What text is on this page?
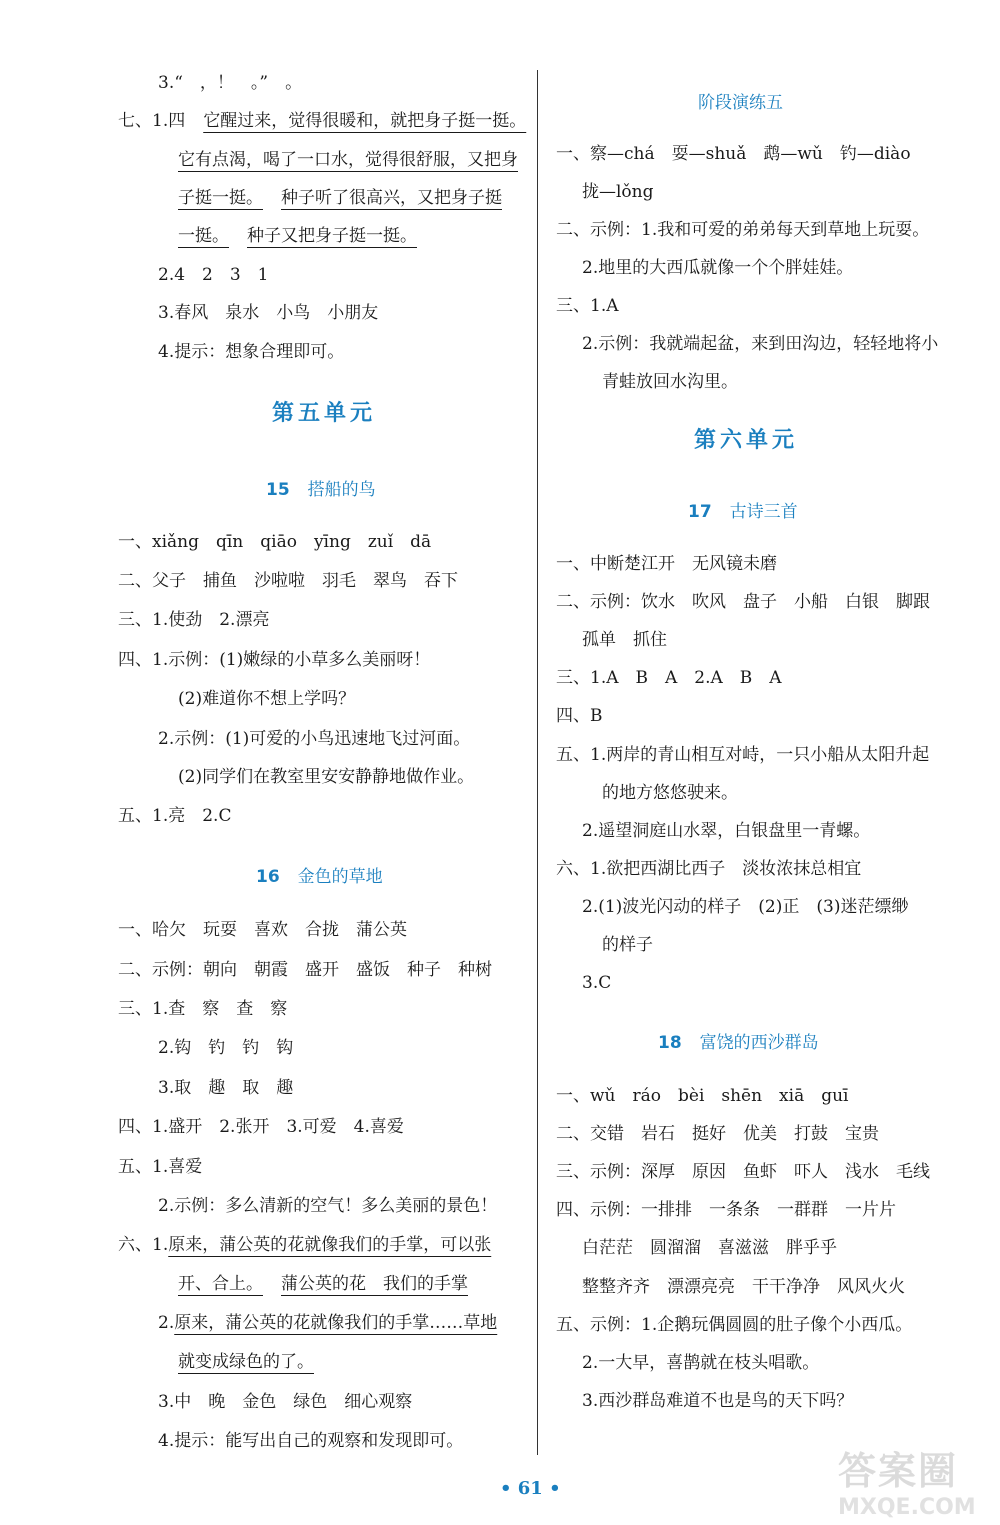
3.“　，！　。”　。
七、1.四 它醒过来，觉得很暖和，就把身子挺一挺。
它有点渴，喝了一口水，觉得很舒服，又把身
子挺一挺。 种子听了很高兴，又把身子挺
一挺。 种子又把身子挺一挺。
2.4　2　3　1
3.春风　泉水　小鸟　小朋友
4.提示：想象合理即可。
第五单元
15 搭船的鸟
一、xiǎng　qīn　qiāo　yīng　zuǐ　dā
二、父子　捕鱼　沙啦啦　羽毛　翠鸟　吞下
三、1.使劲　2.漂亮
四、1.示例：(1)嫩绿的小草多么美丽呀！
(2)难道你不想上学吗？
2.示例：(1)可爱的小鸟迅速地飞过河面。
(2)同学们在教室里安安静静地做作业。
五、1.亮　2.C
16 金色的草地
一、哈欠　玩耍　喜欢　合拢　蒲公英
二、示例：朝向　朝霞　盛开　盛饭　种子　种树
三、1.查　察　查　察
2.钩　钓　钓　钩
3.取　趣　取　趣
四、1.盛开　2.张开　3.可爱　4.喜爱
五、1.喜爱
2.示例：多么清新的空气！多么美丽的景色！
六、1.原来，蒲公英的花就像我们的手掌，可以张
开、合上。 蒲公英的花　我们的手掌
2.原来，蒲公英的花就像我们的手掌……草地
就变成绿色的了。
3.中　晚　金色　绿色　细心观察
4.提示：能写出自己的观察和发现即可。
阶段演练五
一、察—chá　耍—shuǎ　鹉—wǔ　钓—diào
拢—lǒng
二、示例：1.我和可爱的弟弟每天到草地上玩耍。
2.地里的大西瓜就像一个个胖娃娃。
三、1.A
2.示例：我就端起盆，来到田沟边，轻轻地将小
青蛙放回水沟里。
第六单元
17 古诗三首
一、中断楚江开　无风镜未磨
二、示例：饮水　吹风　盘子　小船　白银　脚跟
孤单　抓住
三、1.A　B　A　2.A　B　A
四、B
五、1.两岸的青山相互对峙，一只小船从太阳升起
的地方悠悠驶来。
2.遥望洞庭山水翠，白银盘里一青螺。
六、1.欲把西湖比西子　淡妆浓抹总相宜
2.(1)波光闪动的样子　(2)正　(3)迷茫缥缈
的样子
3.C
18 富饶的西沙群岛
一、wǔ　ráo　bèi　shēn　xiā　guī
二、交错　岩石　挺好　优美　打鼓　宝贵
三、示例：深厚　原因　鱼虾　吓人　浅水　毛线
四、示例：一排排　一条条　一群群　一片片
白茫茫　圆溜溜　喜滋滋　胖乎乎
整整齐齐　漂漂亮亮　干干净净　风风火火
五、示例：1.企鹅玩偶圆圆的肚子像个小西瓜。
2.一大早，喜鹊就在枝头唱歌。
3.西沙群岛难道不也是鸟的天下吗？
• 61 •	答案圈
MXQE.COM
